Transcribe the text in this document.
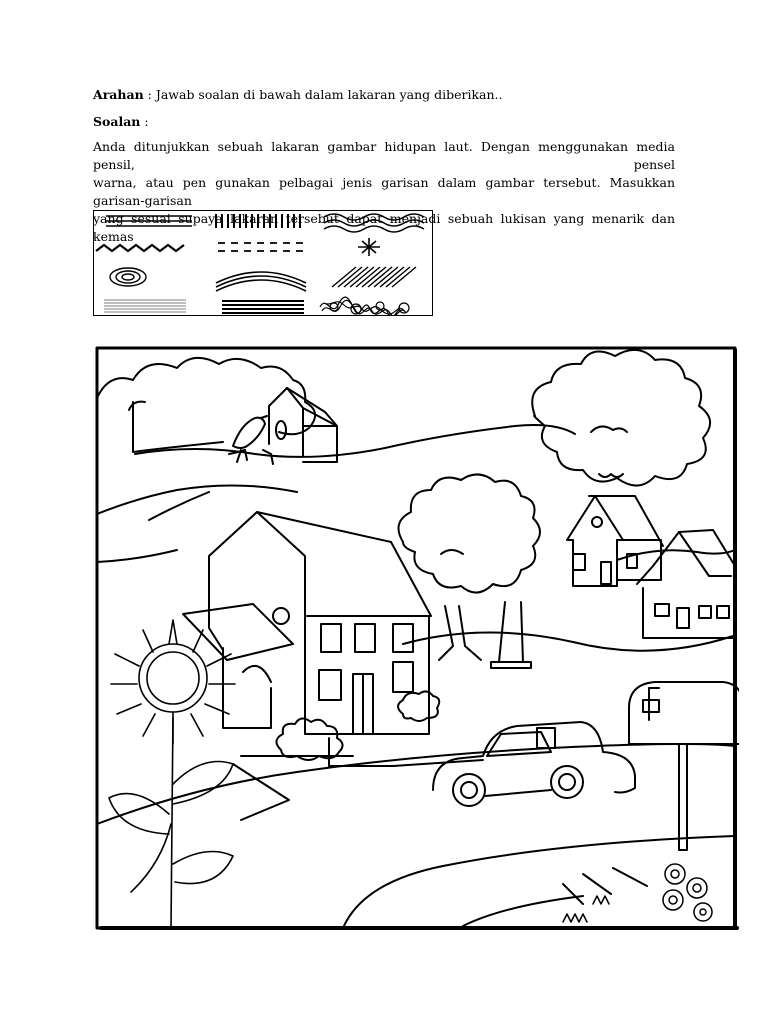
Arahan : Jawab soalan di bawah dalam lakaran yang diberikan..
Soalan :
Anda ditunjukkan sebuah lakaran gambar hidupan laut. Dengan menggunakan media pensil, pensel
warna, atau pen gunakan pelbagai jenis garisan dalam gambar tersebut. Masukkan garisan-garisan
yang sesuai supaya lakaran tersebut dapat menjadi sebuah lukisan yang menarik dan kemas
